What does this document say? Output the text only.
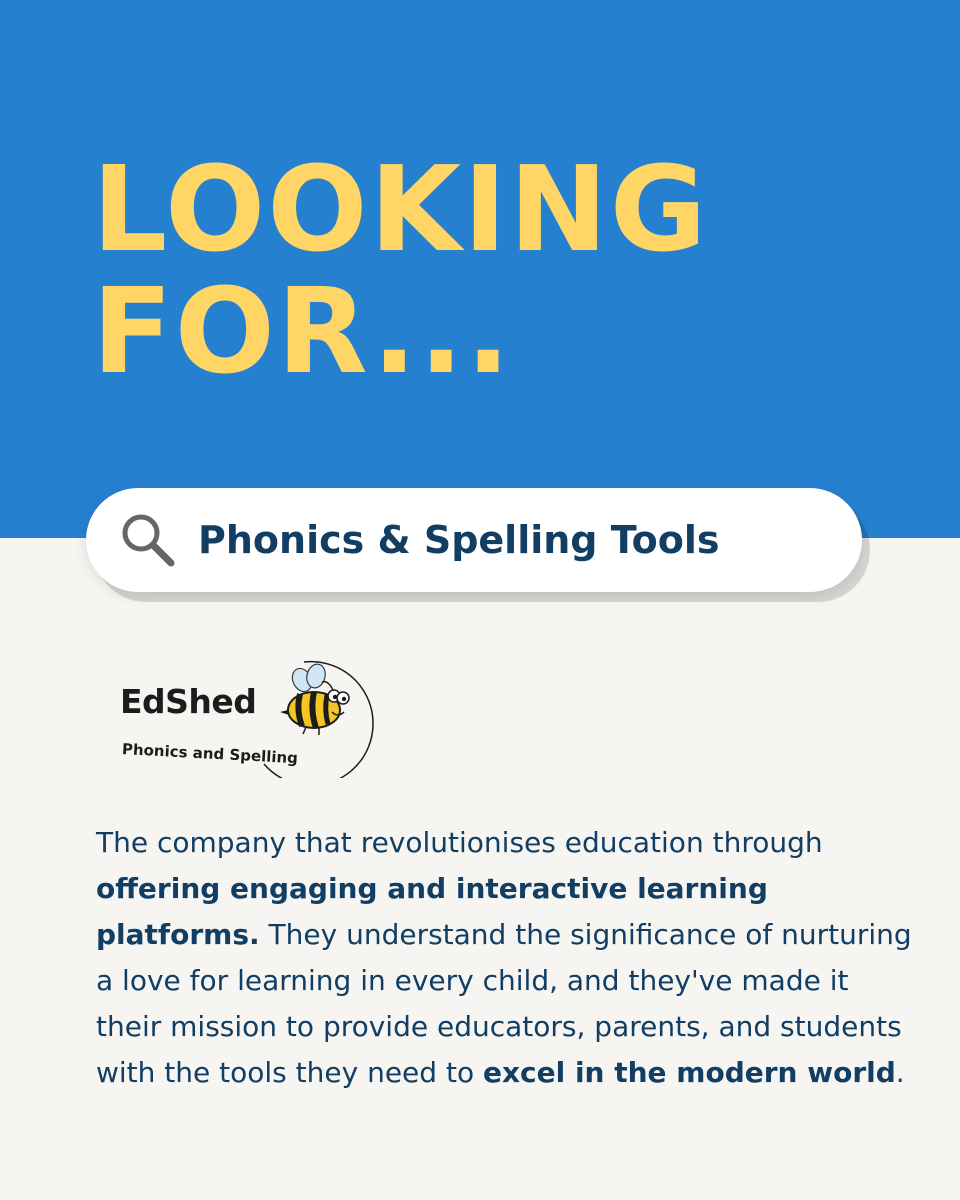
LOOKING
FOR...
Phonics & Spelling Tools
EdShed
Phonics and Spelling

The company that revolutionises education through offering engaging and interactive learning platforms. They understand the significance of nurturing a love for learning in every child, and they've made it their mission to provide educators, parents, and students with the tools they need to excel in the modern world.
